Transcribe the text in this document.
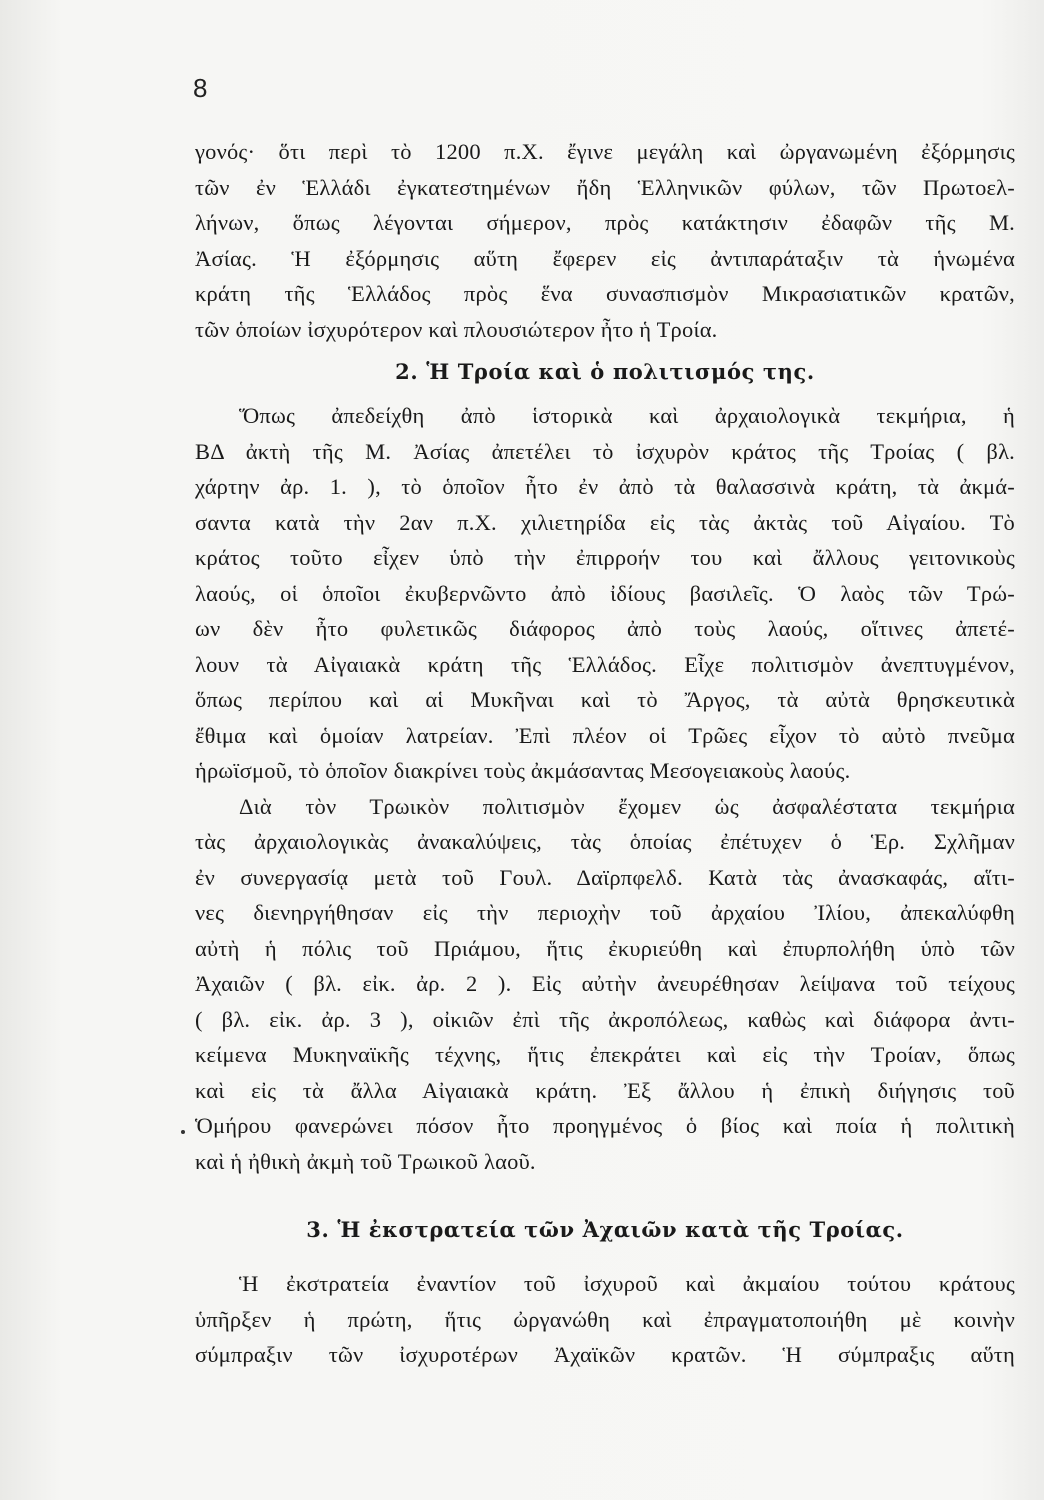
8

γονός· ὅτι περὶ τὸ 1200 π.Χ. ἔγινε μεγάλη καὶ ὠργανωμένη ἐξόρμησις
τῶν ἐν Ἑλλάδι ἐγκατεστημένων ἤδη Ἑλληνικῶν φύλων, τῶν Πρωτοελ-
λήνων, ὅπως λέγονται σήμερον, πρὸς κατάκτησιν ἐδαφῶν τῆς Μ.
Ἀσίας. Ἡ ἐξόρμησις αὕτη ἔφερεν εἰς ἀντιπαράταξιν τὰ ἡνωμένα
κράτη τῆς Ἑλλάδος πρὸς ἕνα συνασπισμὸν Μικρασιατικῶν κρατῶν,
τῶν ὁποίων ἰσχυρότερον καὶ πλουσιώτερον ἦτο ἡ Τροία.

2. Ἡ Τροία καὶ ὁ πολιτισμός της.

Ὅπως ἀπεδείχθη ἀπὸ ἱστορικὰ καὶ ἀρχαιολογικὰ τεκμήρια, ἡ
ΒΔ ἀκτὴ τῆς Μ. Ἀσίας ἀπετέλει τὸ ἰσχυρὸν κράτος τῆς Τροίας ( βλ.
χάρτην ἀρ. 1. ), τὸ ὁποῖον ἦτο ἐν ἀπὸ τὰ θαλασσινὰ κράτη, τὰ ἀκμά-
σαντα κατὰ τὴν 2αν π.Χ. χιλιετηρίδα εἰς τὰς ἀκτὰς τοῦ Αἰγαίου. Τὸ
κράτος τοῦτο εἶχεν ὑπὸ τὴν ἐπιρροήν του καὶ ἄλλους γειτονικοὺς
λαούς, οἱ ὁποῖοι ἐκυβερνῶντο ἀπὸ ἰδίους βασιλεῖς. Ὁ λαὸς τῶν Τρώ-
ων δὲν ἦτο φυλετικῶς διάφορος ἀπὸ τοὺς λαούς, οἵτινες ἀπετέ-
λουν τὰ Αἰγαιακὰ κράτη τῆς Ἑλλάδος. Εἶχε πολιτισμὸν ἀνεπτυγμένον,
ὅπως περίπου καὶ αἱ Μυκῆναι καὶ τὸ Ἄργος, τὰ αὐτὰ θρησκευτικὰ
ἔθιμα καὶ ὁμοίαν λατρείαν. Ἐπὶ πλέον οἱ Τρῶες εἶχον τὸ αὐτὸ πνεῦμα
ἡρωϊσμοῦ, τὸ ὁποῖον διακρίνει τοὺς ἀκμάσαντας Μεσογειακοὺς λαούς.

Διὰ τὸν Τρωικὸν πολιτισμὸν ἔχομεν ὡς ἀσφαλέστατα τεκμήρια
τὰς ἀρχαιολογικὰς ἀνακαλύψεις, τὰς ὁποίας ἐπέτυχεν ὁ Ἑρ. Σχλῆμαν
ἐν συνεργασίᾳ μετὰ τοῦ Γουλ. Δαϊρπφελδ. Κατὰ τὰς ἀνασκαφάς, αἵτι-
νες διενηργήθησαν εἰς τὴν περιοχὴν τοῦ ἀρχαίου Ἰλίου, ἀπεκαλύφθη
αὐτὴ ἡ πόλις τοῦ Πριάμου, ἥτις ἐκυριεύθη καὶ ἐπυρπολήθη ὑπὸ τῶν
Ἀχαιῶν ( βλ. εἰκ. ἀρ. 2 ). Εἰς αὐτὴν ἀνευρέθησαν λείψανα τοῦ τείχους
( βλ. εἰκ. ἀρ. 3 ), οἰκιῶν ἐπὶ τῆς ἀκροπόλεως, καθὼς καὶ διάφορα ἀντι-
κείμενα Μυκηναϊκῆς τέχνης, ἥτις ἐπεκράτει καὶ εἰς τὴν Τροίαν, ὅπως
καὶ εἰς τὰ ἄλλα Αἰγαιακὰ κράτη. Ἐξ ἄλλου ἡ ἐπικὴ διήγησις τοῦ
Ὁμήρου φανερώνει πόσον ἦτο προηγμένος ὁ βίος καὶ ποία ἡ πολιτικὴ
καὶ ἡ ἠθικὴ ἀκμὴ τοῦ Τρωικοῦ λαοῦ.

3. Ἡ ἐκστρατεία τῶν Ἀχαιῶν κατὰ τῆς Τροίας.

Ἡ ἐκστρατεία ἐναντίον τοῦ ἰσχυροῦ καὶ ἀκμαίου τούτου κράτους
ὑπῆρξεν ἡ πρώτη, ἥτις ὠργανώθη καὶ ἐπραγματοποιήθη μὲ κοινὴν
σύμπραξιν τῶν ἰσχυροτέρων Ἀχαϊκῶν κρατῶν. Ἡ σύμπραξις αὕτη
